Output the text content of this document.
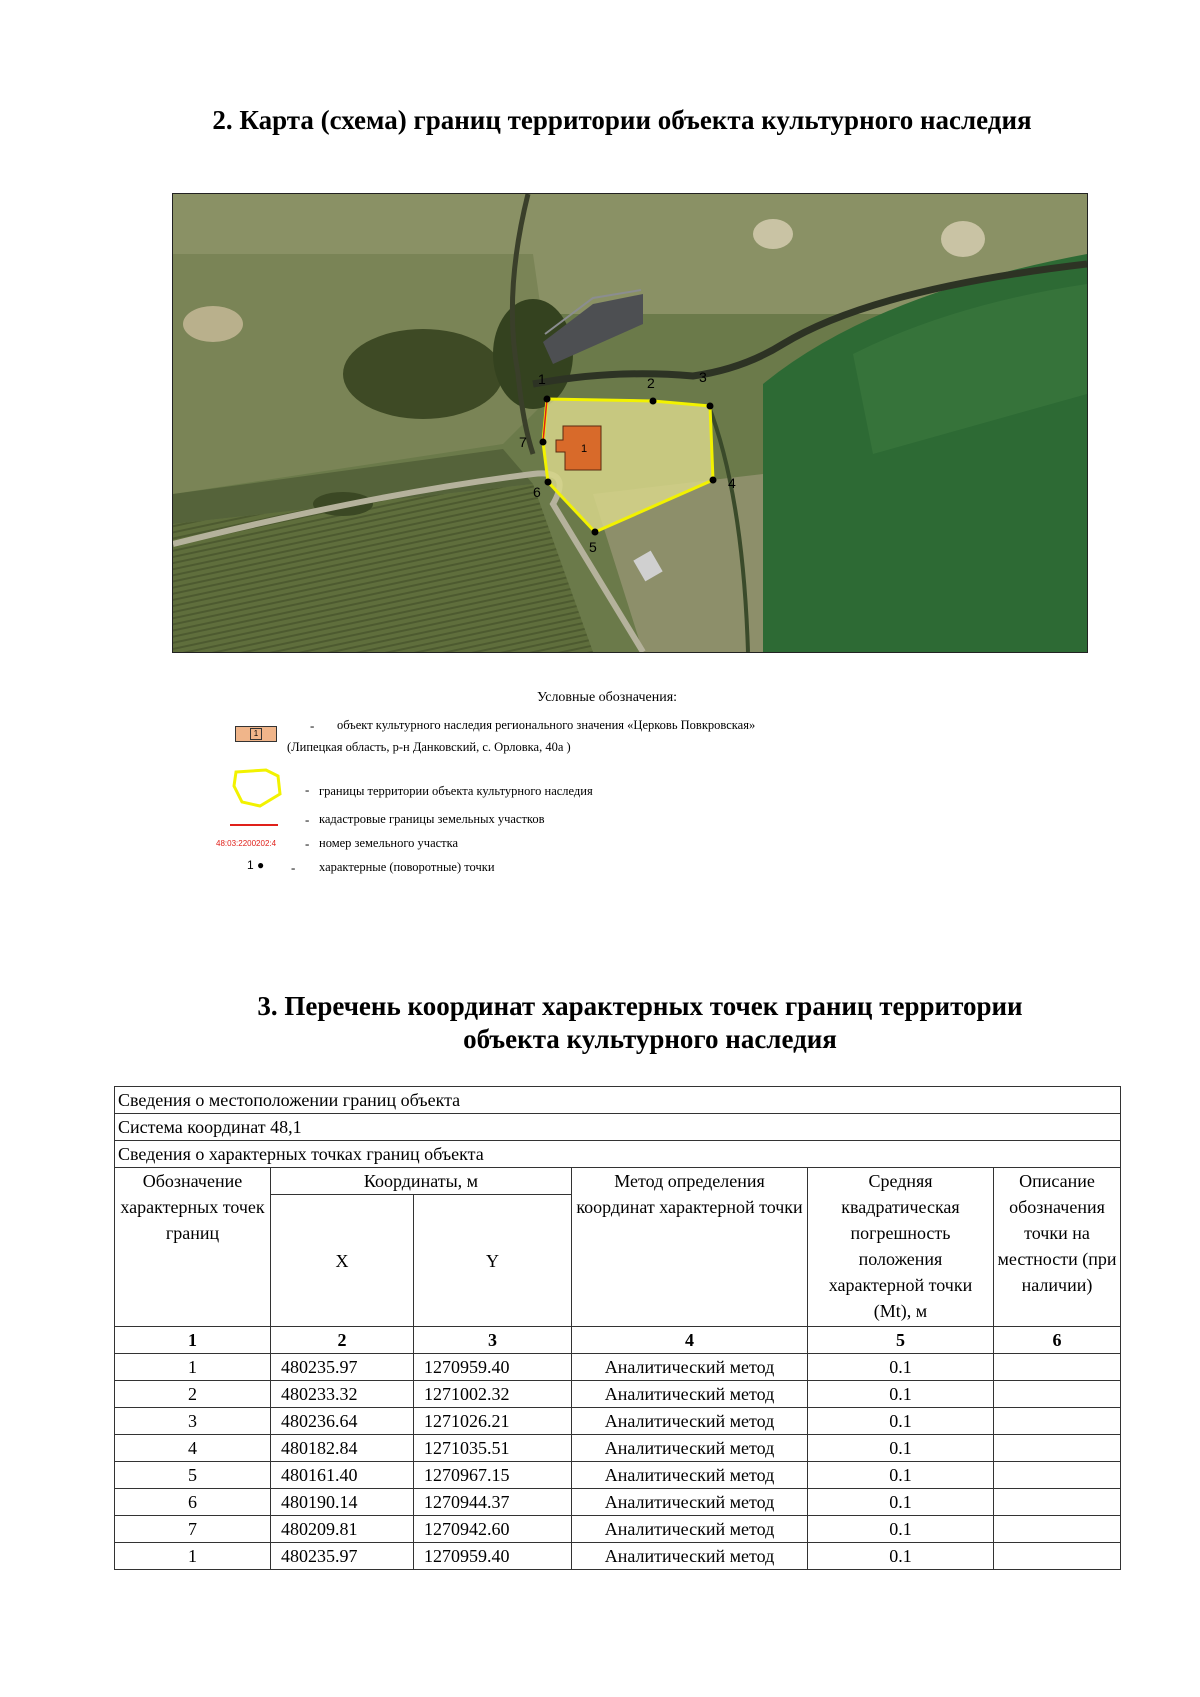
2. Карта (схема) границ территории объекта культурного наследия
1
1	2	3
4
5
6
7
Условные обозначения:
1
- объект культурного наследия регионального значения «Церковь Повкровская»
(Липецкая область, р-н Данковский, с. Орловка, 40а )
- границы территории объекта культурного наследия
- кадастровые границы земельных участков
48:03:2200202:4 - номер земельного участка
1 ● - характерные (поворотные) точки
3. Перечень координат характерных точек границ территории
объекта культурного наследия
Сведения о местоположении границ объекта					
Система координат 48,1					
Сведения о характерных точках границ объекта					
Обозначение характерных точек границ	Координаты, м		Метод определения координат характерной точки	Средняя квадратическая погрешность положения характерной точки (Mt), м	Описание обозначения точки на местности (при наличии)
	X	Y			
1	2	3	4	5	6
1	480235.97	1270959.40	Аналитический метод	0.1	
2	480233.32	1271002.32	Аналитический метод	0.1	
3	480236.64	1271026.21	Аналитический метод	0.1	
4	480182.84	1271035.51	Аналитический метод	0.1	
5	480161.40	1270967.15	Аналитический метод	0.1	
6	480190.14	1270944.37	Аналитический метод	0.1	
7	480209.81	1270942.60	Аналитический метод	0.1	
1	480235.97	1270959.40	Аналитический метод	0.1	
